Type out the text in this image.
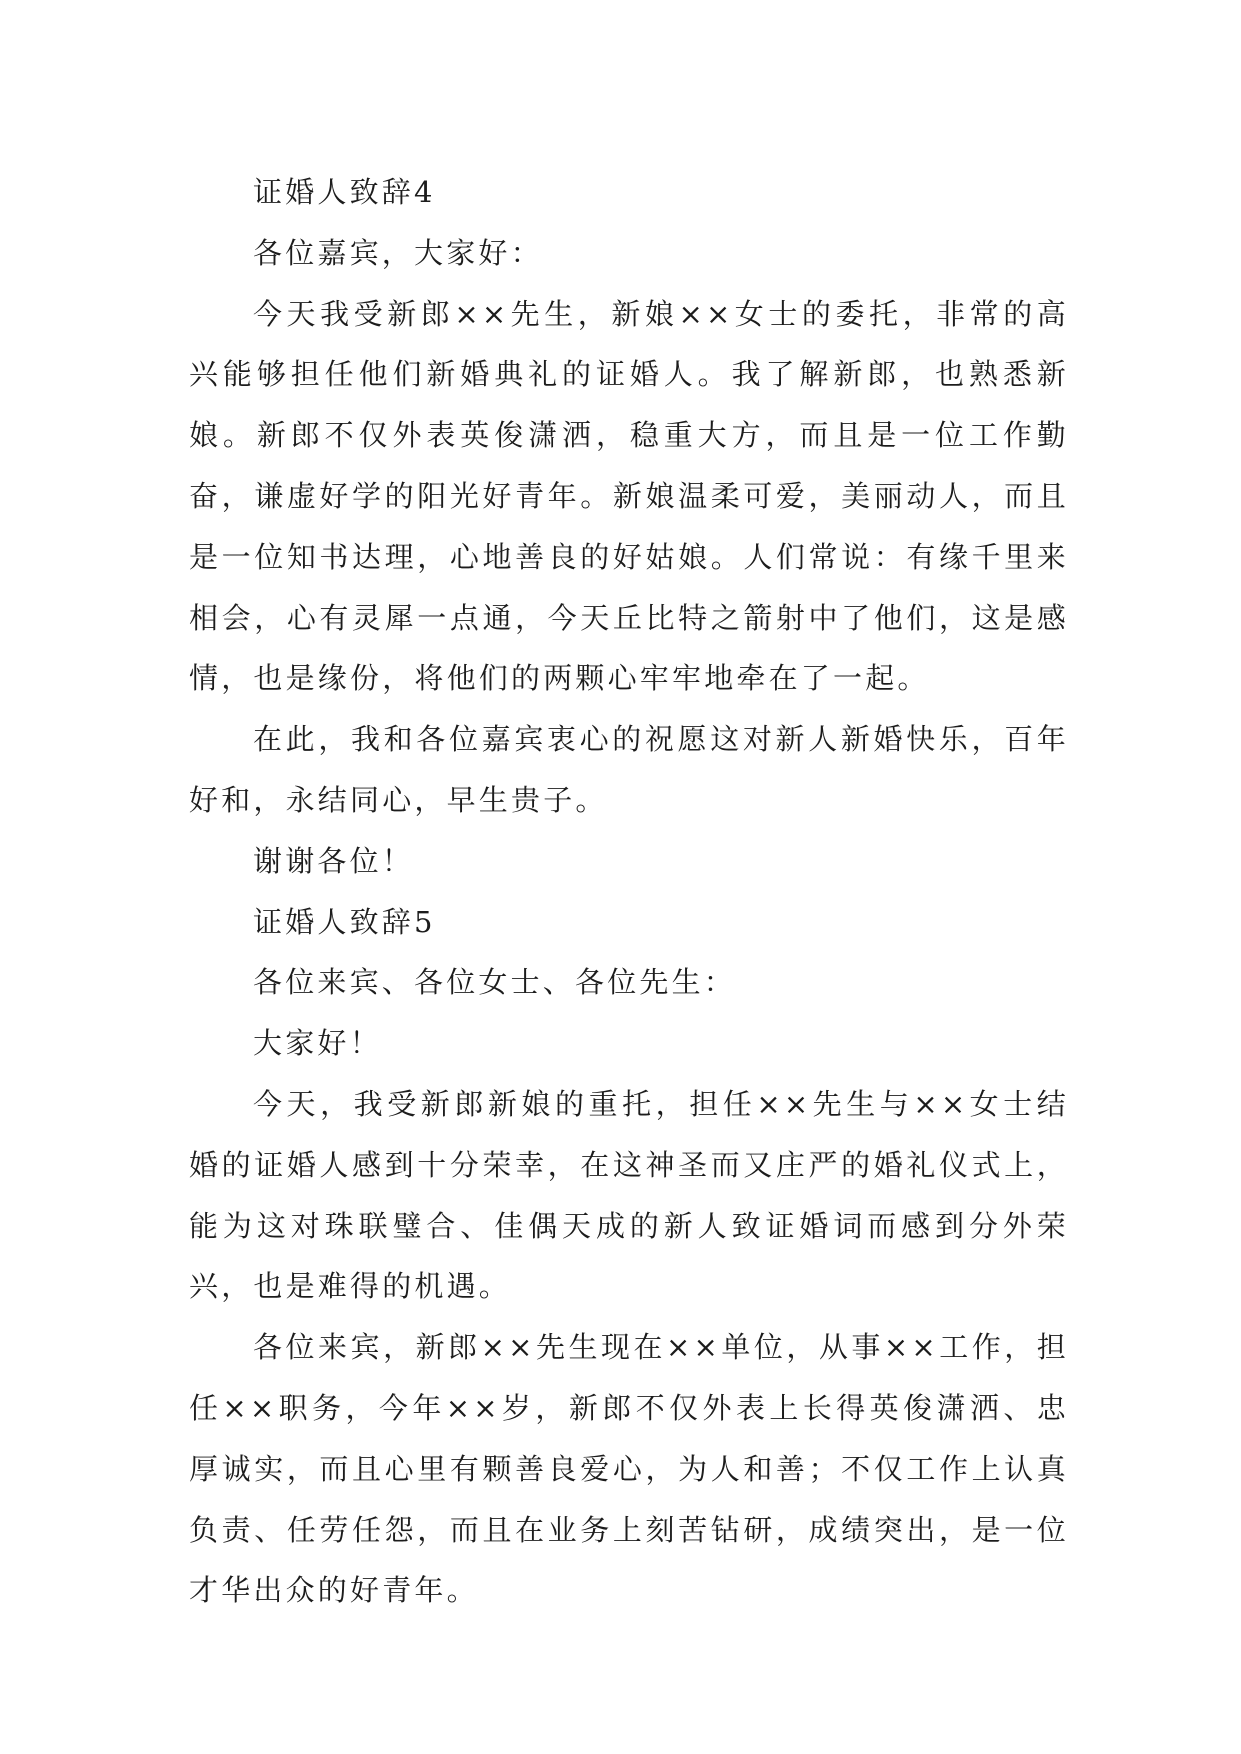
证婚人致辞4

各位嘉宾，大家好：

今天我受新郎××先生，新娘××女士的委托，非常的高兴能够担任他们新婚典礼的证婚人。我了解新郎，也熟悉新娘。新郎不仅外表英俊潇洒，稳重大方，而且是一位工作勤奋，谦虚好学的阳光好青年。新娘温柔可爱，美丽动人，而且是一位知书达理，心地善良的好姑娘。人们常说：有缘千里来相会，心有灵犀一点通，今天丘比特之箭射中了他们，这是感情，也是缘份，将他们的两颗心牢牢地牵在了一起。

在此，我和各位嘉宾衷心的祝愿这对新人新婚快乐，百年好和，永结同心，早生贵子。

谢谢各位！

证婚人致辞5

各位来宾、各位女士、各位先生：

大家好！

今天，我受新郎新娘的重托，担任××先生与××女士结婚的证婚人感到十分荣幸，在这神圣而又庄严的婚礼仪式上，能为这对珠联璧合、佳偶天成的新人致证婚词而感到分外荣兴，也是难得的机遇。

各位来宾，新郎××先生现在××单位，从事××工作，担任××职务，今年××岁，新郎不仅外表上长得英俊潇洒、忠厚诚实，而且心里有颗善良爱心，为人和善；不仅工作上认真负责、任劳任怨，而且在业务上刻苦钻研，成绩突出，是一位才华出众的好青年。
